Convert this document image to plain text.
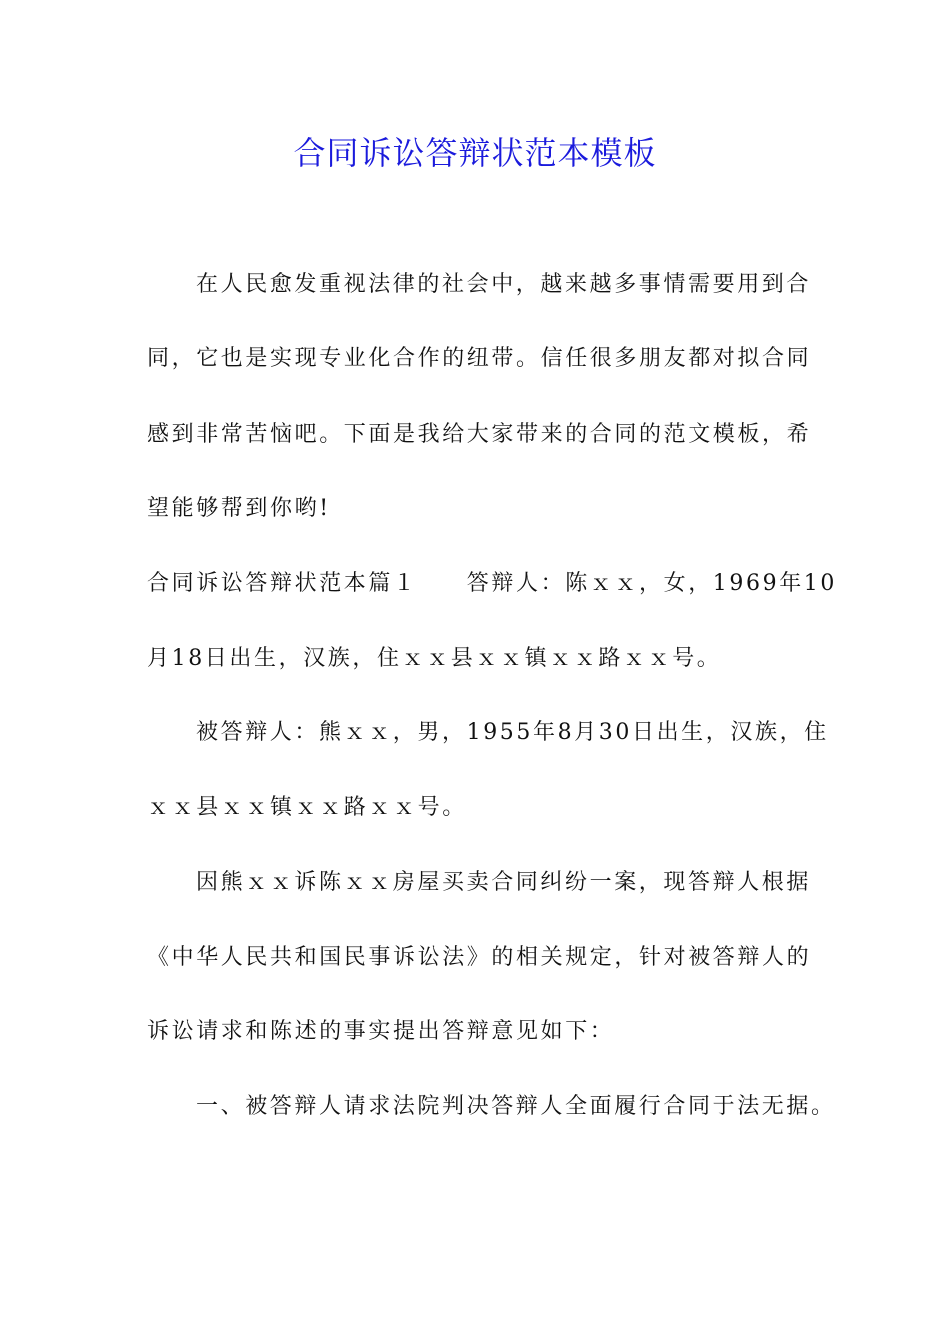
合同诉讼答辩状范本模板
在人民愈发重视法律的社会中，越来越多事情需要用到合
同，它也是实现专业化合作的纽带。信任很多朋友都对拟合同
感到非常苦恼吧。下面是我给大家带来的合同的范文模板，希
望能够帮到你哟!
合同诉讼答辩状范本篇１　　答辩人：陈ｘｘ，女，1969年10
月18日出生，汉族，住ｘｘ县ｘｘ镇ｘｘ路ｘｘ号。
被答辩人：熊ｘｘ，男，1955年8月30日出生，汉族，住
ｘｘ县ｘｘ镇ｘｘ路ｘｘ号。
因熊ｘｘ诉陈ｘｘ房屋买卖合同纠纷一案，现答辩人根据
《中华人民共和国民事诉讼法》的相关规定，针对被答辩人的
诉讼请求和陈述的事实提出答辩意见如下：
一、被答辩人请求法院判决答辩人全面履行合同于法无据。
